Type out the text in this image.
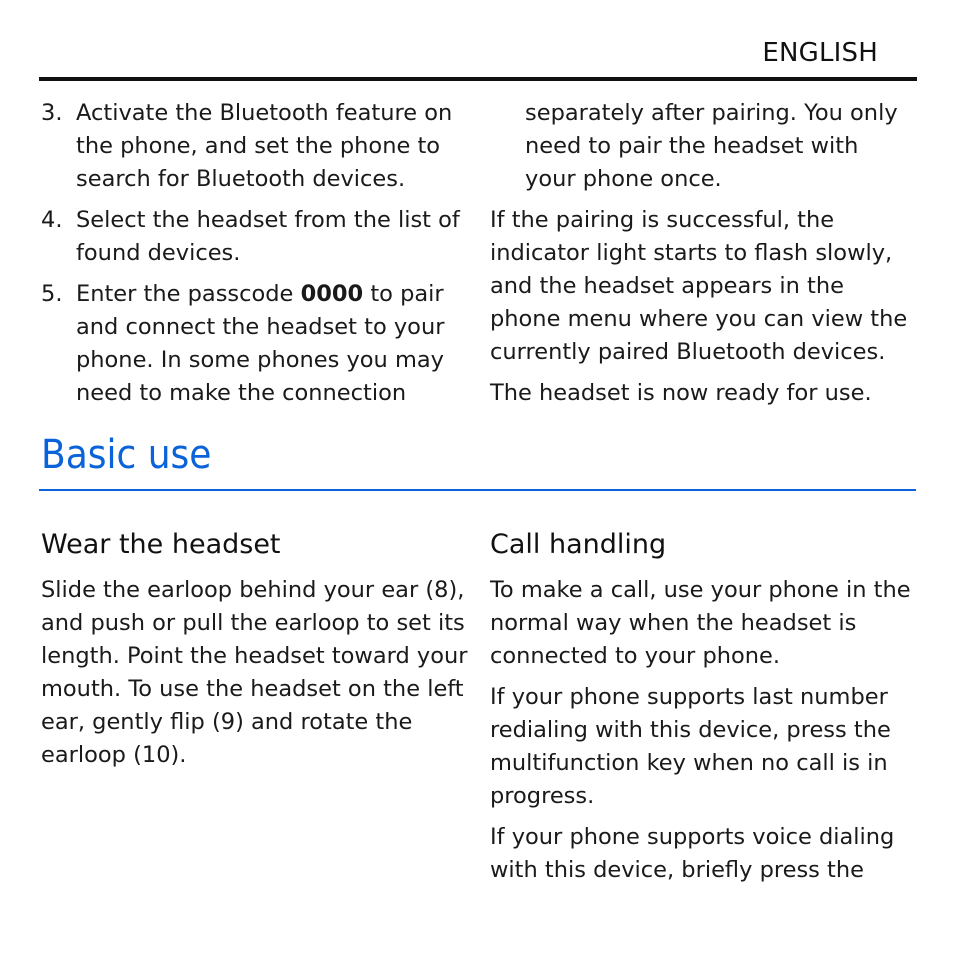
ENGLISH
3. Activate the Bluetooth feature on the phone, and set the phone to search for Bluetooth devices.
4. Select the headset from the list of found devices.
5. Enter the passcode 0000 to pair and connect the headset to your phone. In some phones you may need to make the connection

separately after pairing. You only need to pair the headset with your phone once.

If the pairing is successful, the indicator light starts to flash slowly, and the headset appears in the phone menu where you can view the currently paired Bluetooth devices.

The headset is now ready for use.

Basic use
Wear the headset

Slide the earloop behind your ear (8), and push or pull the earloop to set its length. Point the headset toward your mouth. To use the headset on the left ear, gently flip (9) and rotate the earloop (10).

Call handling

To make a call, use your phone in the normal way when the headset is connected to your phone.

If your phone supports last number redialing with this device, press the multifunction key when no call is in progress.

If your phone supports voice dialing with this device, briefly press the
